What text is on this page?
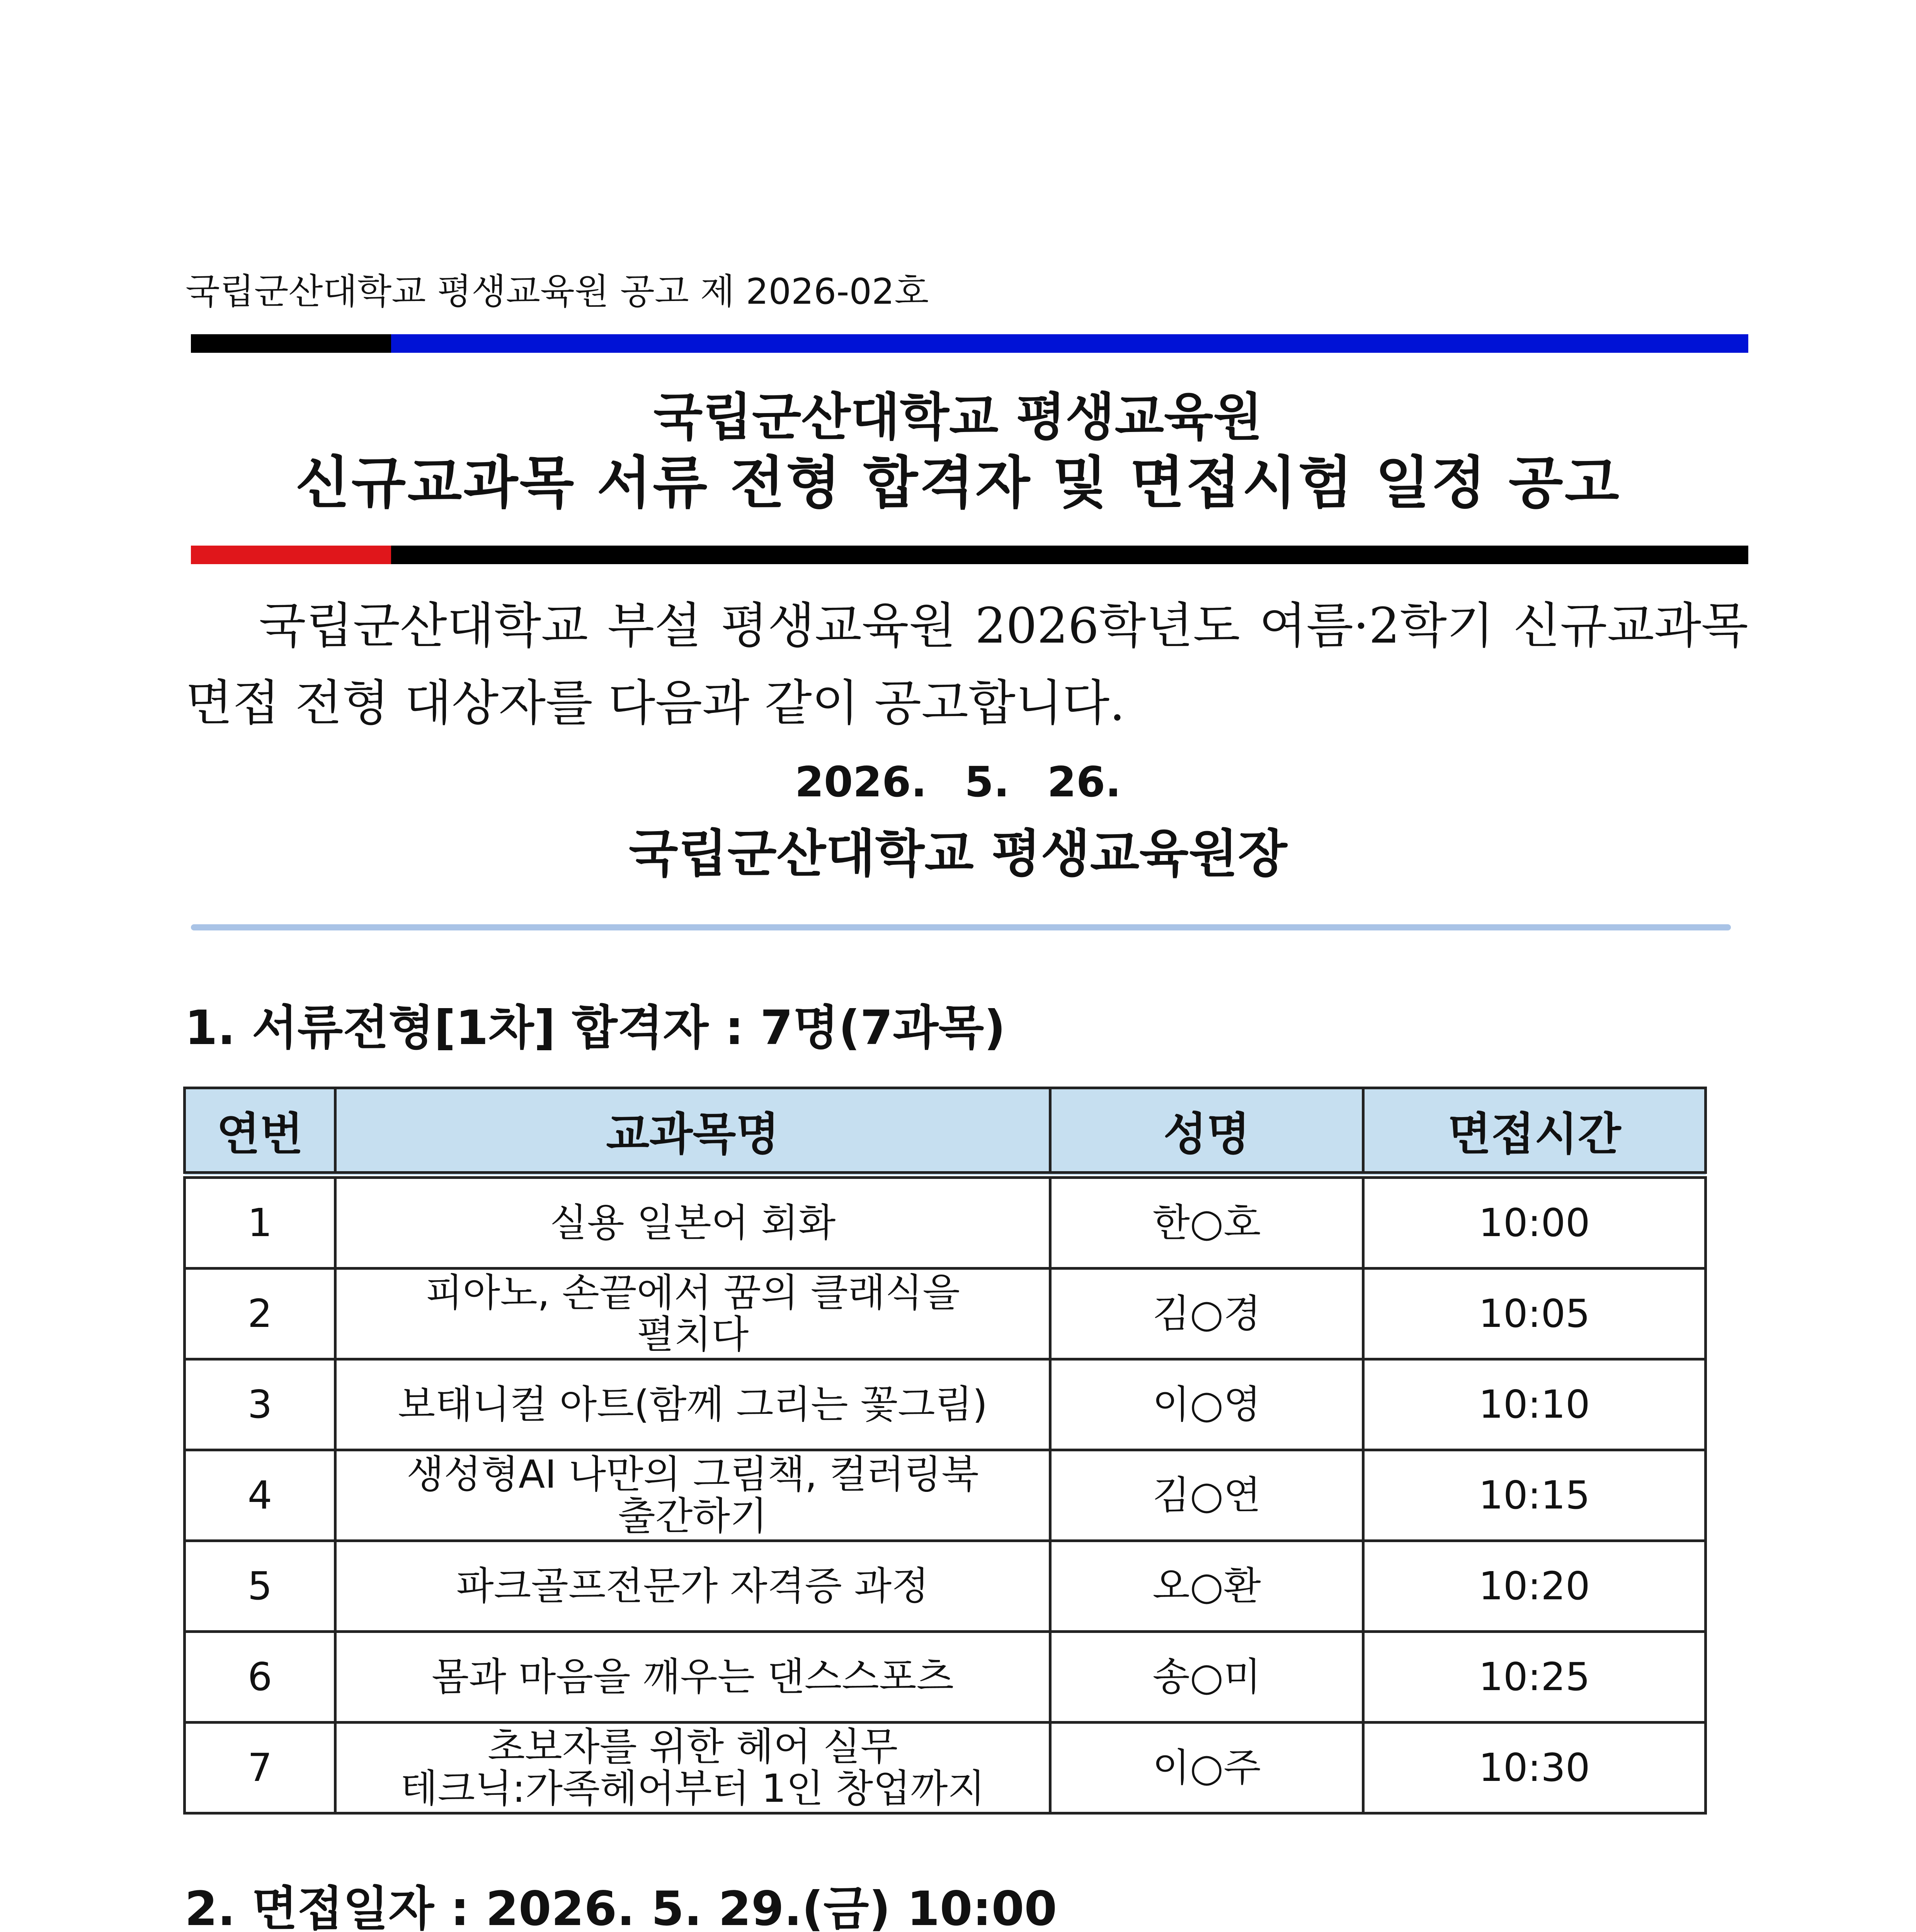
국립군산대학교 평생교육원 공고 제 2026-02호
국립군산대학교 평생교육원
신규교과목 서류 전형 합격자 및 면접시험 일정 공고
국립군산대학교 부설 평생교육원 2026학년도 여름·2학기 신규교과목 면접 전형 대상자를 다음과 같이 공고합니다.
2026. 5. 26.
국립군산대학교 평생교육원장
1. 서류전형[1차] 합격자 : 7명(7과목)
연번	교과목명	성명	면접시간
1	실용 일본어 회화	한○호	10:00
2	피아노, 손끝에서 꿈의 클래식을
펼치다	김○경	10:05
3	보태니컬 아트(함께 그리는 꽃그림)	이○영	10:10
4	생성형AI 나만의 그림책, 컬러링북
출간하기	김○연	10:15
5	파크골프전문가 자격증 과정	오○환	10:20
6	몸과 마음을 깨우는 댄스스포츠	송○미	10:25
7	초보자를 위한 헤어 실무
테크닉:가족헤어부터 1인 창업까지	이○주	10:30
2. 면접일자 : 2026. 5. 29.(금) 10:00
